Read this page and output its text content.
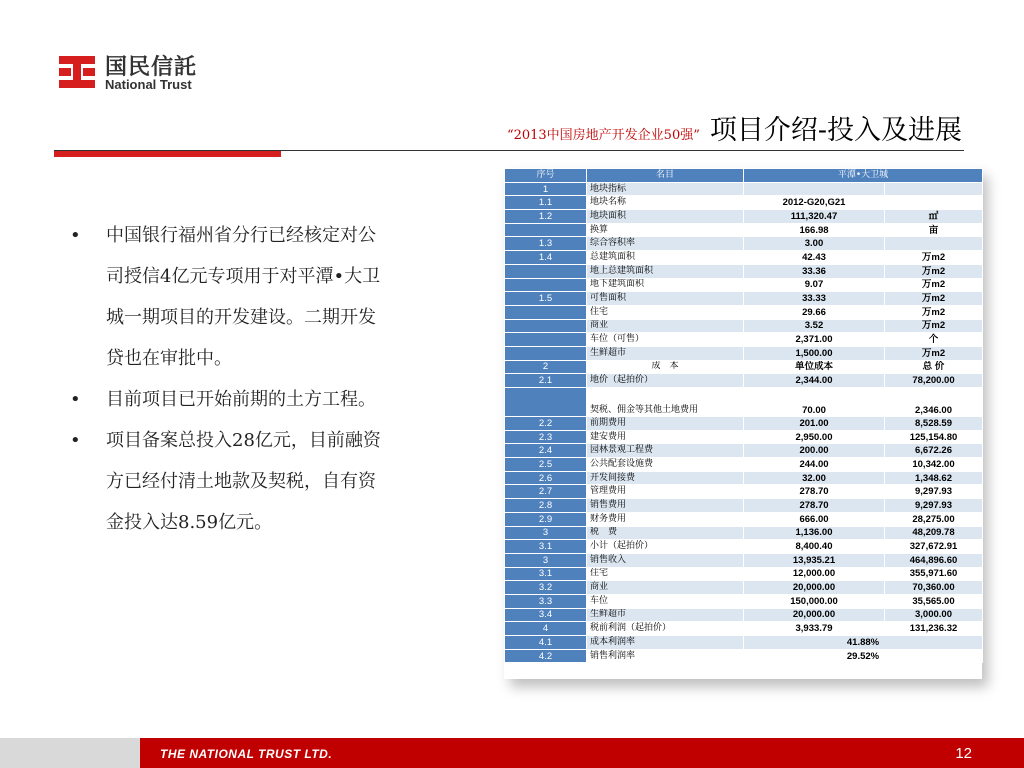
国民信託
National Trust
“2013中国房地产开发企业50强” 项目介绍-投入及进展
• 中国银行福州省分行已经核定对公司授信4亿元专项用于对平潭•大卫城一期项目的开发建设。二期开发贷也在审批中。
• 目前项目已开始前期的土方工程。
• 项目备案总投入28亿元，目前融资方已经付清土地款及契税，自有资金投入达8.59亿元。
序号	名目	平潭•大卫城	
1	地块指标		
1.1	地块名称	2012-G20,G21	
1.2	地块面积	111,320.47	㎡
	换算	166.98	亩
1.3	综合容积率	3.00	
1.4	总建筑面积	42.43	万m2
	地上总建筑面积	33.36	万m2
	地下建筑面积	9.07	万m2
1.5	可售面积	33.33	万m2
	住宅	29.66	万m2
	商业	3.52	万m2
	车位（可售）	2,371.00	个
	生鲜超市	1,500.00	万m2
2	成　本	单位成本	总 价
2.1	地价（起拍价）	2,344.00	78,200.00
	契税、佣金等其他土地费用	70.00	2,346.00
2.2	前期费用	201.00	8,528.59
2.3	建安费用	2,950.00	125,154.80
2.4	园林景观工程费	200.00	6,672.26
2.5	公共配套设施费	244.00	10,342.00
2.6	开发间接费	32.00	1,348.62
2.7	管理费用	278.70	9,297.93
2.8	销售费用	278.70	9,297.93
2.9	财务费用	666.00	28,275.00
3	税　费	1,136.00	48,209.78
3.1	小计（起拍价）	8,400.40	327,672.91
3	销售收入	13,935.21	464,896.60
3.1	住宅	12,000.00	355,971.60
3.2	商业	20,000.00	70,360.00
3.3	车位	150,000.00	35,565.00
3.4	生鲜超市	20,000.00	3,000.00
4	税前利润（起拍价）	3,933.79	131,236.32
4.1	成本利润率	41.88%	
4.2	销售利润率	29.52%	
THE NATIONAL TRUST LTD.	12
